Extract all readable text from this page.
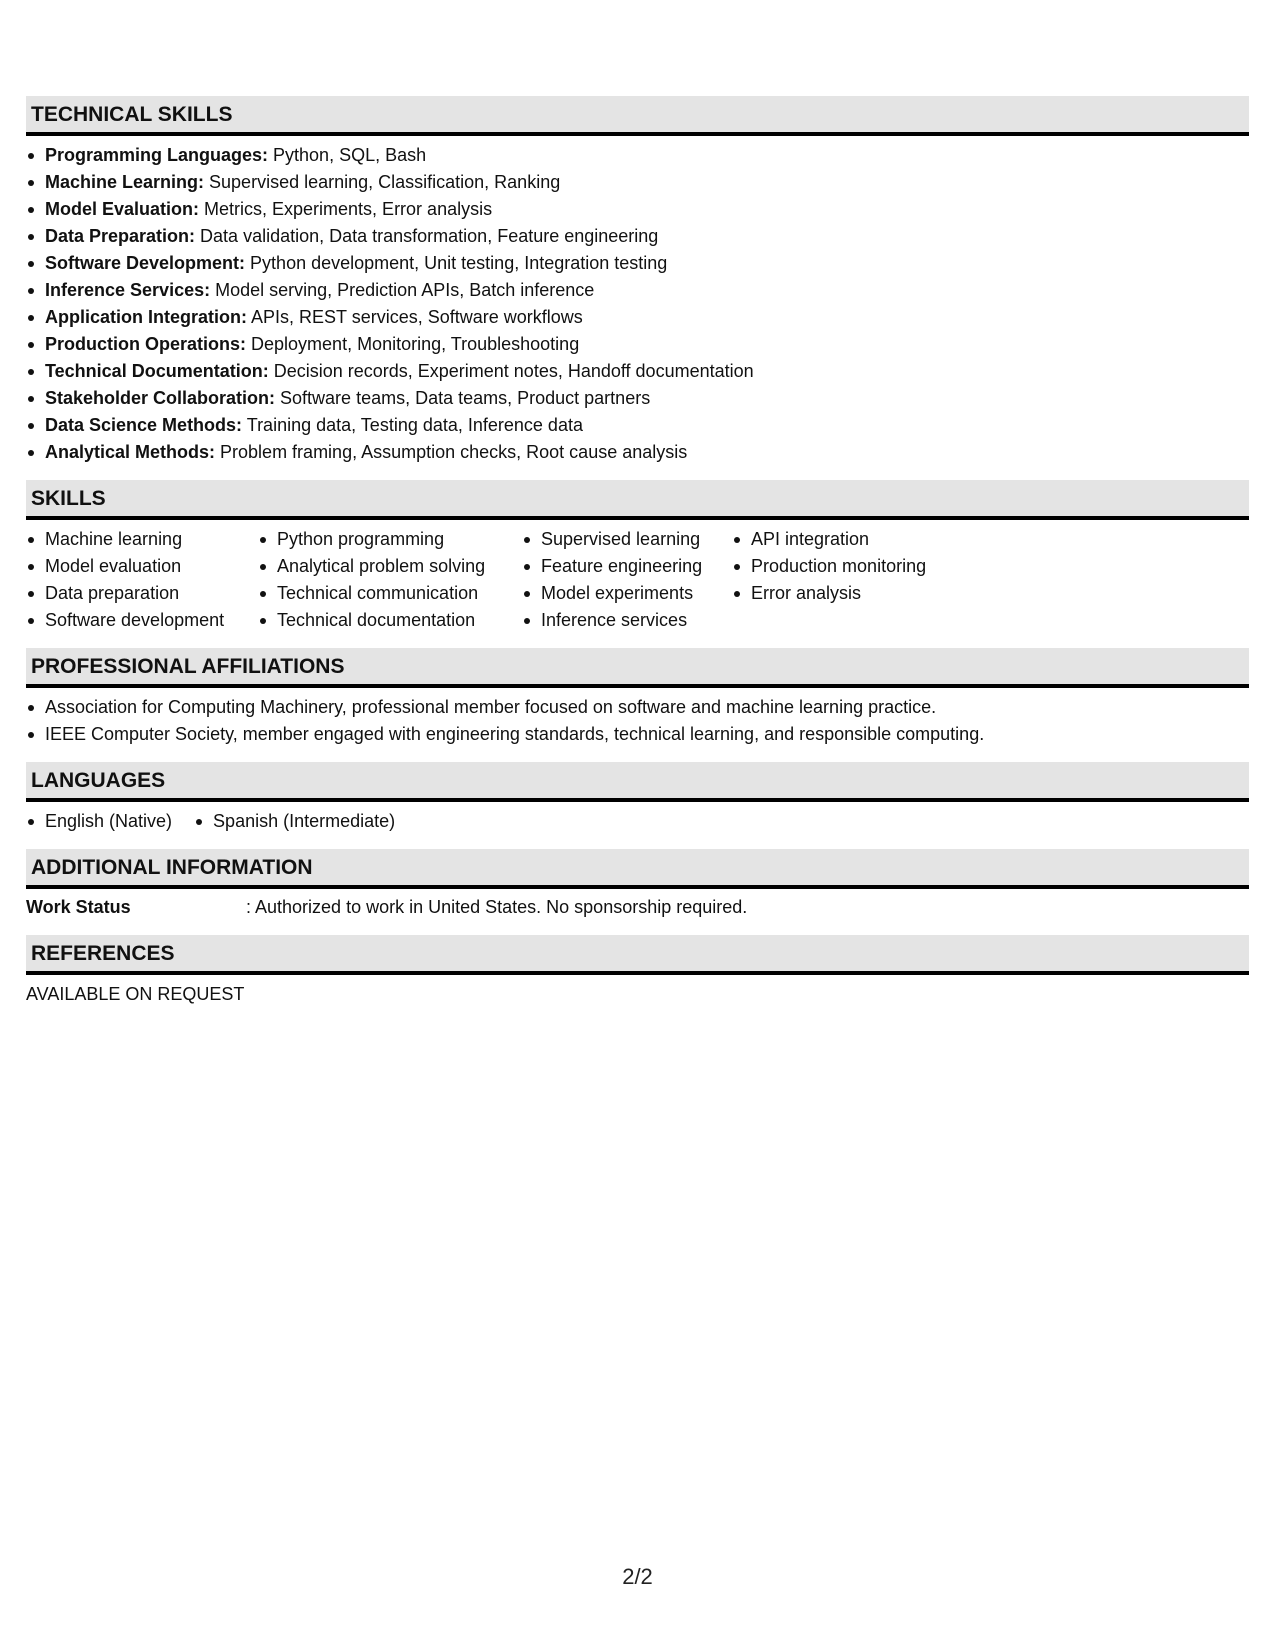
TECHNICAL SKILLS
Programming Languages: Python, SQL, Bash
Machine Learning: Supervised learning, Classification, Ranking
Model Evaluation: Metrics, Experiments, Error analysis
Data Preparation: Data validation, Data transformation, Feature engineering
Software Development: Python development, Unit testing, Integration testing
Inference Services: Model serving, Prediction APIs, Batch inference
Application Integration: APIs, REST services, Software workflows
Production Operations: Deployment, Monitoring, Troubleshooting
Technical Documentation: Decision records, Experiment notes, Handoff documentation
Stakeholder Collaboration: Software teams, Data teams, Product partners
Data Science Methods: Training data, Testing data, Inference data
Analytical Methods: Problem framing, Assumption checks, Root cause analysis
SKILLS
Machine learning
Model evaluation
Data preparation
Software development
Python programming
Analytical problem solving
Technical communication
Technical documentation
Supervised learning
Feature engineering
Model experiments
Inference services
API integration
Production monitoring
Error analysis
PROFESSIONAL AFFILIATIONS
Association for Computing Machinery, professional member focused on software and machine learning practice.
IEEE Computer Society, member engaged with engineering standards, technical learning, and responsible computing.
LANGUAGES
English (Native)	Spanish (Intermediate)
ADDITIONAL INFORMATION
Work Status	: Authorized to work in United States. No sponsorship required.
REFERENCES
AVAILABLE ON REQUEST
2/2
